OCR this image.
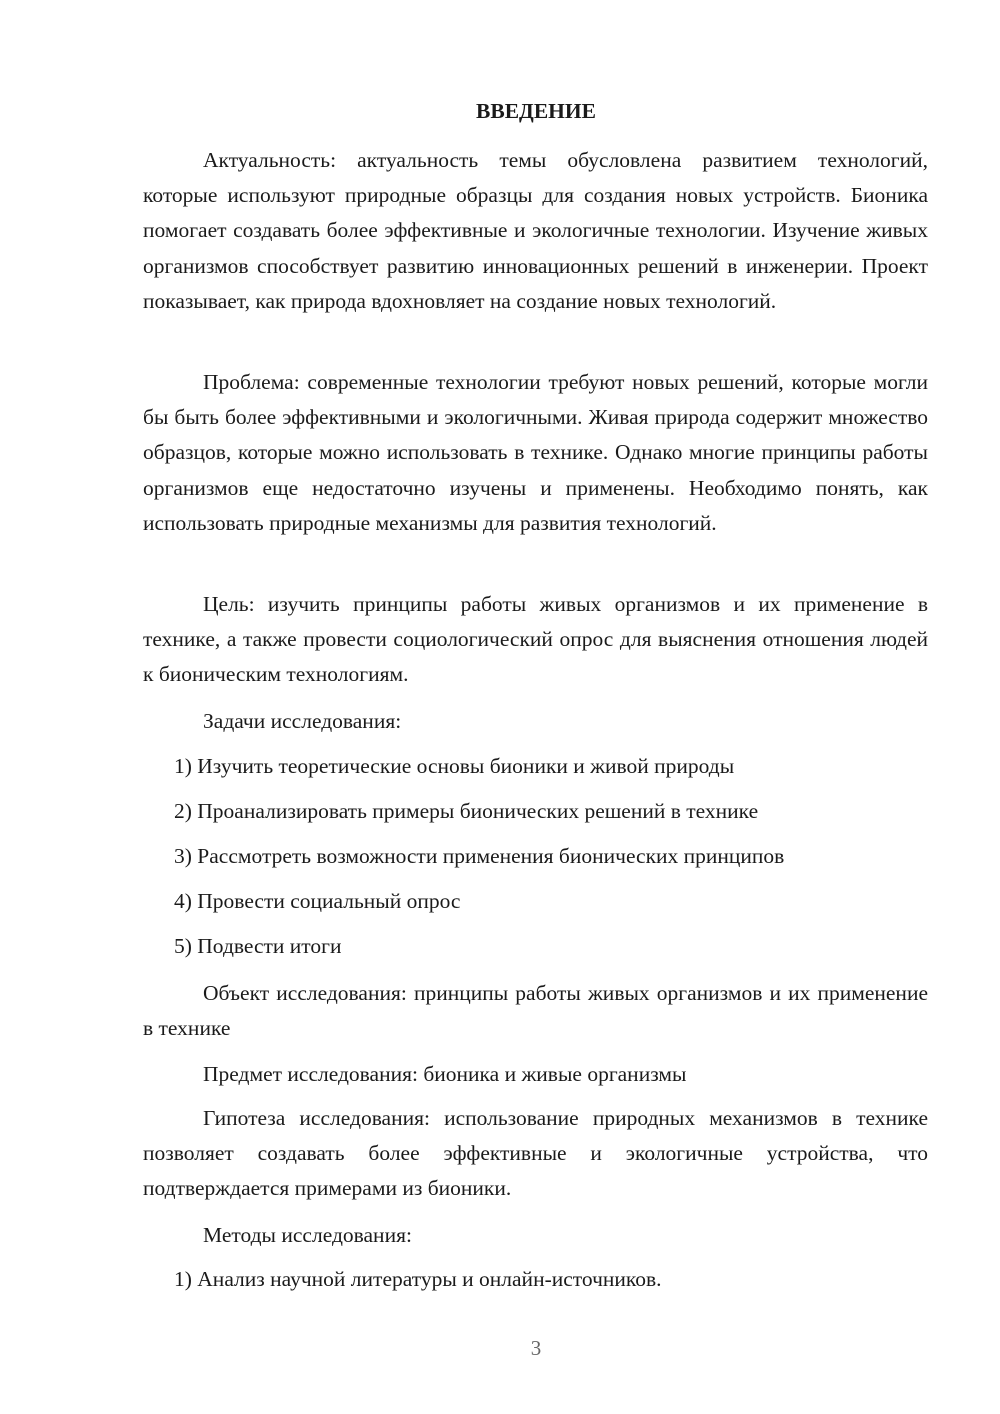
ВВЕДЕНИЕ

Актуальность: актуальность темы обусловлена развитием технологий, которые используют природные образцы для создания новых устройств. Бионика помогает создавать более эффективные и экологичные технологии. Изучение живых организмов способствует развитию инновационных решений в инженерии. Проект показывает, как природа вдохновляет на создание новых технологий.

Проблема: современные технологии требуют новых решений, которые могли бы быть более эффективными и экологичными. Живая природа содержит множество образцов, которые можно использовать в технике. Однако многие принципы работы организмов еще недостаточно изучены и применены. Необходимо понять, как использовать природные механизмы для развития технологий.

Цель: изучить принципы работы живых организмов и их применение в технике, а также провести социологический опрос для выяснения отношения людей к бионическим технологиям.

Задачи исследования:

1) Изучить теоретические основы бионики и живой природы

2) Проанализировать примеры бионических решений в технике

3) Рассмотреть возможности применения бионических принципов

4) Провести социальный опрос

5) Подвести итоги

Объект исследования: принципы работы живых организмов и их применение в технике

Предмет исследования: бионика и живые организмы

Гипотеза исследования: использование природных механизмов в технике позволяет создавать более эффективные и экологичные устройства, что подтверждается примерами из бионики.

Методы исследования:

1) Анализ научной литературы и онлайн-источников.

3
